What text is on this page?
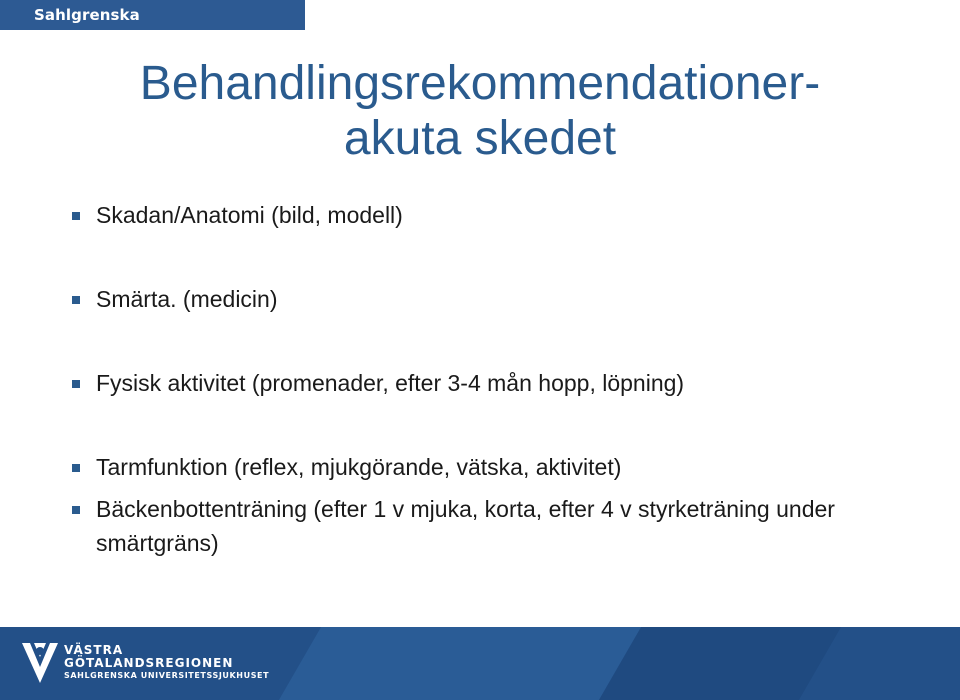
Sahlgrenska Universitetssjukhuset
Behandlingsrekommendationer-
akuta skedet
Skadan/Anatomi (bild, modell)
Smärta. (medicin)
Fysisk aktivitet (promenader, efter 3-4 mån hopp, löpning)
Tarmfunktion (reflex, mjukgörande, vätska, aktivitet)
Bäckenbottenträning (efter 1 v mjuka, korta, efter 4 v styrketräning under smärtgräns)
VÄSTRA
GÖTALANDSREGIONEN
SAHLGRENSKA UNIVERSITETSSJUKHUSET
